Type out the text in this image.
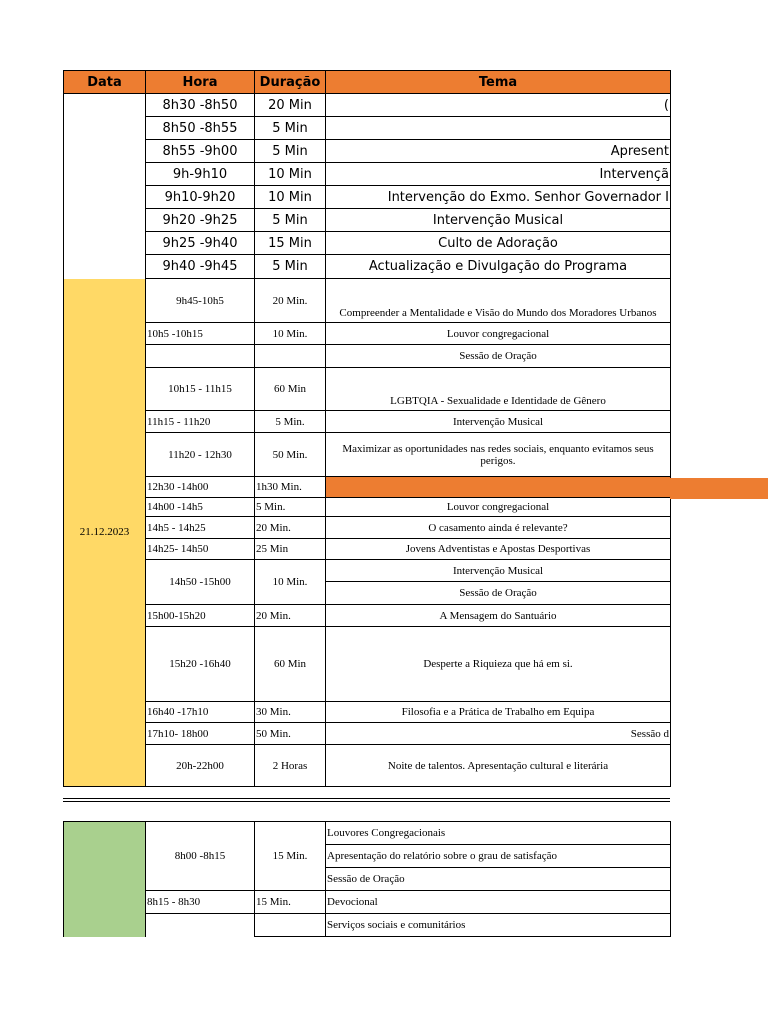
Data	Hora	Duração	Tema
	8h30 -8h50	20 Min	(
	8h50 -8h55	5 Min	
	8h55 -9h00	5 Min	Apresent
	9h-9h10	10 Min	Intervençã
	9h10-9h20	10 Min	Intervenção do Exmo. Senhor Governador I
	9h20 -9h25	5 Min	Intervenção Musical
	9h25 -9h40	15 Min	Culto de Adoração
	9h40 -9h45	5 Min	Actualização e Divulgação do Programa
21.12.2023	9h45-10h5	20 Min.	Compreender a Mentalidade e Visão do Mundo dos Moradores Urbanos
	10h5 -10h15	10 Min.	Louvor congregacional
			Sessão de Oração
	10h15 - 11h15	60 Min	LGBTQIA - Sexualidade e Identidade de Gênero
	11h15 - 11h20	5 Min.	Intervenção Musical
	11h20 - 12h30	50 Min.	Maximizar as oportunidades nas redes sociais, enquanto evitamos seus perigos.
	12h30 -14h00	1h30 Min.	
	14h00 -14h5	5 Min.	Louvor congregacional
	14h5 - 14h25	20 Min.	O casamento ainda é relevante?
	14h25- 14h50	25 Min	Jovens Adventistas e Apostas Desportivas
	14h50 -15h00	10 Min.	Intervenção Musical
			Sessão de Oração
	15h00-15h20	20 Min.	A Mensagem do Santuário
	15h20 -16h40	60 Min	Desperte a Riquieza que há em si.
	16h40 -17h10	30 Min.	Filosofia e a Prática de Trabalho em Equipa
	17h10- 18h00	50 Min.	Sessão d
	20h-22h00	2 Horas	Noite de talentos. Apresentação cultural e literária
	8h00 -8h15	15 Min.	Louvores Congregacionais
			Apresentação do relatório sobre o grau de satisfação
			Sessão de Oração
	8h15 - 8h30	15 Min.	Devocional
			Serviços sociais e comunitários
